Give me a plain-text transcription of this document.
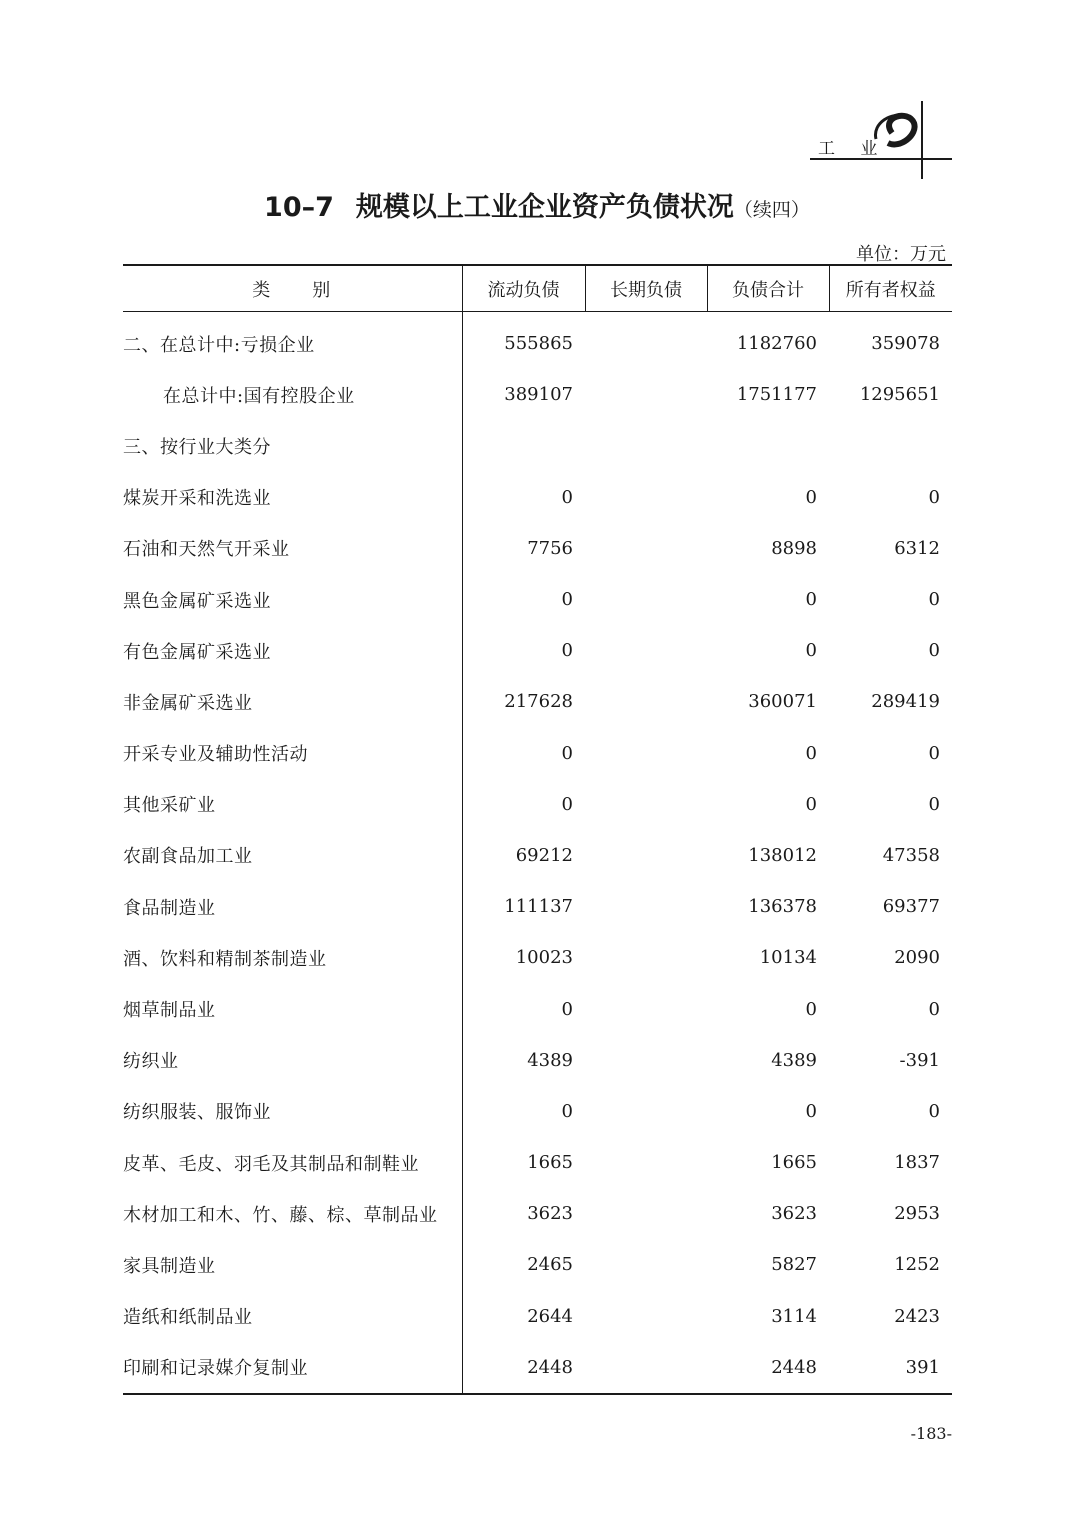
工 业
10–7 规模以上工业企业资产负债状况（续四）
单位：万元
类　　别	流动负债	长期负债	负债合计	所有者权益
二、在总计中:亏损企业	555865		1182760	359078
在总计中:国有控股企业	389107		1751177	1295651
三、按行业大类分				
煤炭开采和洗选业	0		0	0
石油和天然气开采业	7756		8898	6312
黑色金属矿采选业	0		0	0
有色金属矿采选业	0		0	0
非金属矿采选业	217628		360071	289419
开采专业及辅助性活动	0		0	0
其他采矿业	0		0	0
农副食品加工业	69212		138012	47358
食品制造业	111137		136378	69377
酒、饮料和精制茶制造业	10023		10134	2090
烟草制品业	0		0	0
纺织业	4389		4389	-391
纺织服装、服饰业	0		0	0
皮革、毛皮、羽毛及其制品和制鞋业	1665		1665	1837
木材加工和木、竹、藤、棕、草制品业	3623		3623	2953
家具制造业	2465		5827	1252
造纸和纸制品业	2644		3114	2423
印刷和记录媒介复制业	2448		2448	391
-183-
